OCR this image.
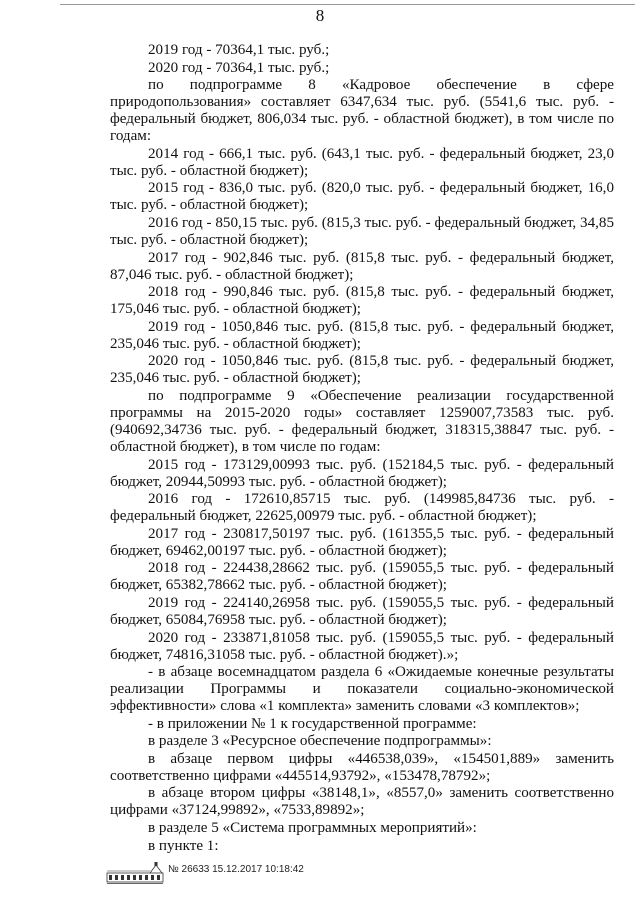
8

2019 год - 70364,1 тыс. руб.;

2020 год - 70364,1 тыс. руб.;

по подпрограмме 8 «Кадровое обеспечение в сфере природопользования» составляет 6347,634 тыс. руб. (5541,6 тыс. руб. - федеральный бюджет, 806,034 тыс. руб. - областной бюджет), в том числе по годам:

2014 год - 666,1 тыс. руб. (643,1 тыс. руб. - федеральный бюджет, 23,0 тыс. руб. - областной бюджет);

2015 год - 836,0 тыс. руб. (820,0 тыс. руб. - федеральный бюджет, 16,0 тыс. руб. - областной бюджет);

2016 год - 850,15 тыс. руб. (815,3 тыс. руб. - федеральный бюджет, 34,85 тыс. руб. - областной бюджет);

2017 год - 902,846 тыс. руб. (815,8 тыс. руб. - федеральный бюджет, 87,046 тыс. руб. - областной бюджет);

2018 год - 990,846 тыс. руб. (815,8 тыс. руб. - федеральный бюджет, 175,046 тыс. руб. - областной бюджет);

2019 год - 1050,846 тыс. руб. (815,8 тыс. руб. - федеральный бюджет, 235,046 тыс. руб. - областной бюджет);

2020 год - 1050,846 тыс. руб. (815,8 тыс. руб. - федеральный бюджет, 235,046 тыс. руб. - областной бюджет);

по подпрограмме 9 «Обеспечение реализации государственной программы на 2015-2020 годы» составляет 1259007,73583 тыс. руб. (940692,34736 тыс. руб. - федеральный бюджет, 318315,38847 тыс. руб. - областной бюджет), в том числе по годам:

2015 год - 173129,00993 тыс. руб. (152184,5 тыс. руб. - федеральный бюджет, 20944,50993 тыс. руб. - областной бюджет);

2016 год - 172610,85715 тыс. руб. (149985,84736 тыс. руб. - федеральный бюджет, 22625,00979 тыс. руб. - областной бюджет);

2017 год - 230817,50197 тыс. руб. (161355,5 тыс. руб. - федеральный бюджет, 69462,00197 тыс. руб. - областной бюджет);

2018 год - 224438,28662 тыс. руб. (159055,5 тыс. руб. - федеральный бюджет, 65382,78662 тыс. руб. - областной бюджет);

2019 год - 224140,26958 тыс. руб. (159055,5 тыс. руб. - федеральный бюджет, 65084,76958 тыс. руб. - областной бюджет);

2020 год - 233871,81058 тыс. руб. (159055,5 тыс. руб. - федеральный бюджет, 74816,31058 тыс. руб. - областной бюджет).»;

- в абзаце восемнадцатом раздела 6 «Ожидаемые конечные результаты реализации Программы и показатели социально-экономической эффективности» слова «1 комплекта» заменить словами «3 комплектов»;

- в приложении № 1 к государственной программе:

в разделе 3 «Ресурсное обеспечение подпрограммы»:

в абзаце первом цифры «446538,039», «154501,889» заменить соответственно цифрами «445514,93792», «153478,78792»;

в абзаце втором цифры «38148,1», «8557,0» заменить соответственно цифрами «37124,99892», «7533,89892»;

в разделе 5 «Система программных мероприятий»:

в пункте 1:

№ 26633 15.12.2017 10:18:42
